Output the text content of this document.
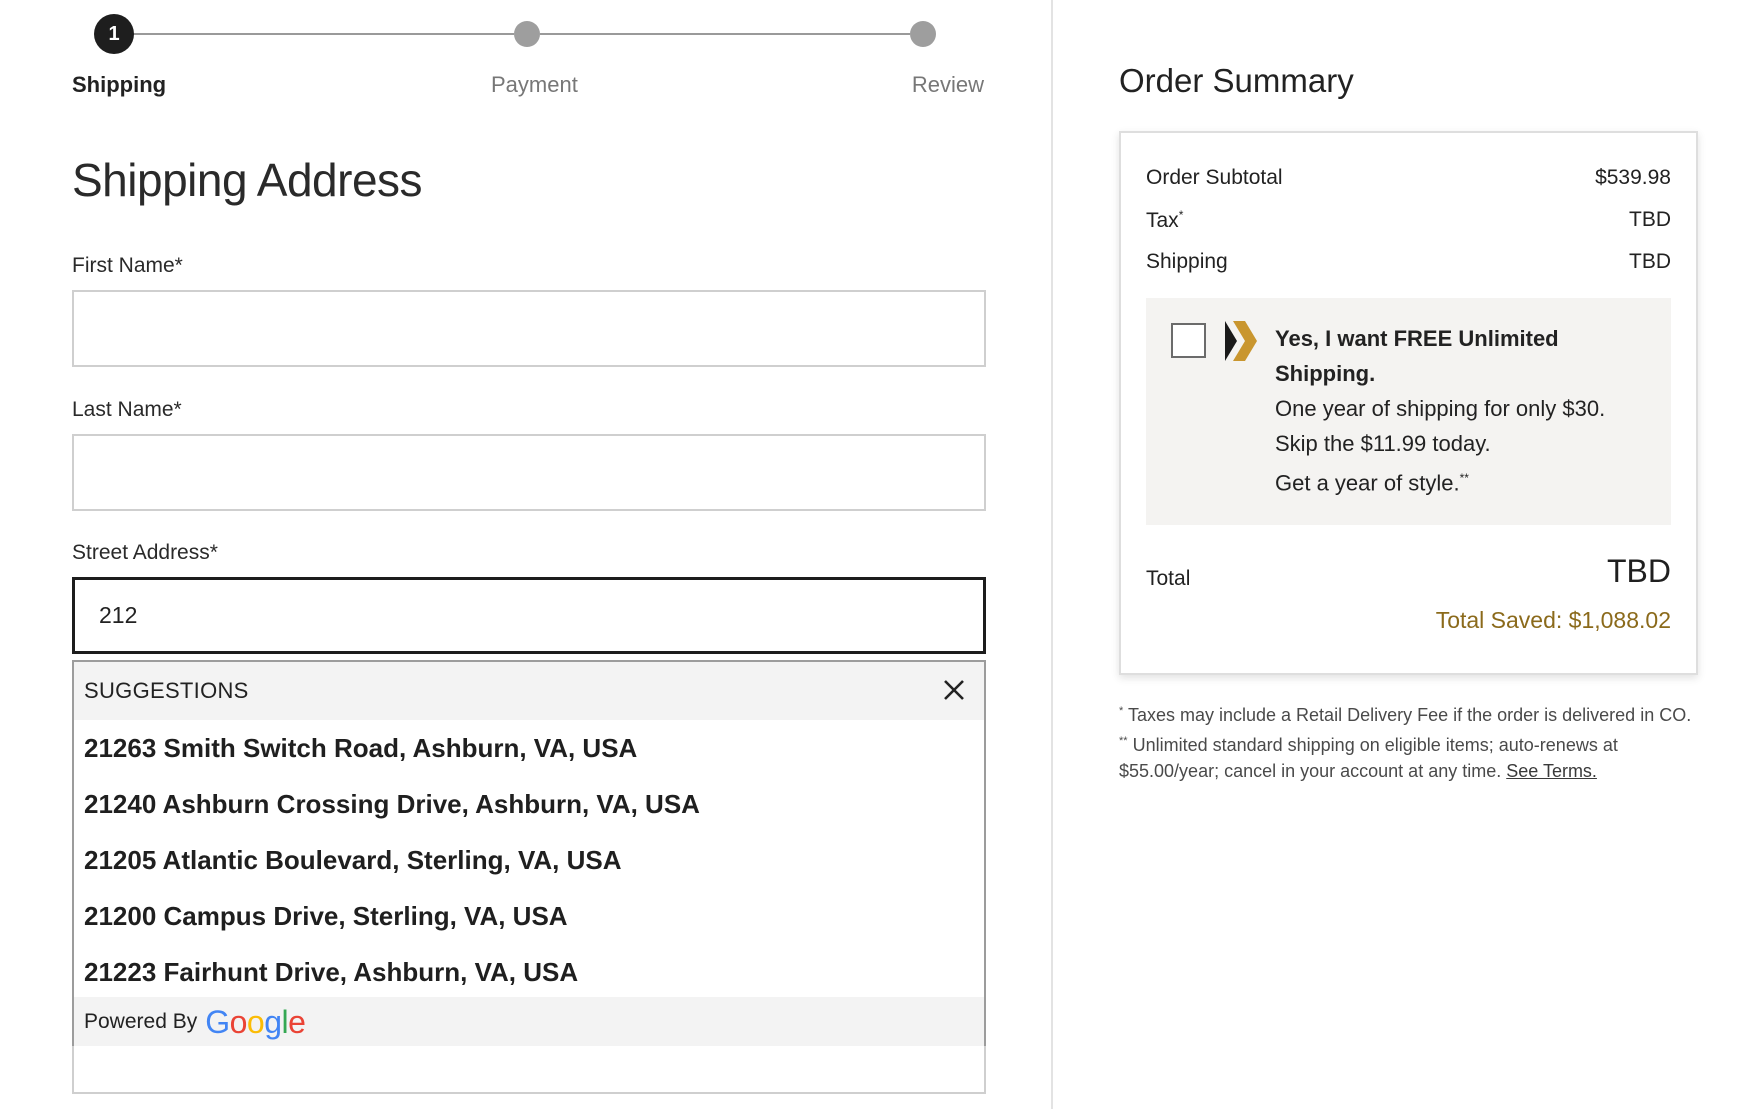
1
Shipping	Payment	Review
Shipping Address
First Name*
Last Name*
Street Address*
212
SUGGESTIONS
21263 Smith Switch Road, Ashburn, VA, USA
21240 Ashburn Crossing Drive, Ashburn, VA, USA
21205 Atlantic Boulevard, Sterling, VA, USA
21200 Campus Drive, Sterling, VA, USA
21223 Fairhunt Drive, Ashburn, VA, USA
Powered By Google
Order Summary
Order Subtotal	$539.98
Tax*	TBD
Shipping	TBD
Yes, I want FREE Unlimited Shipping.
One year of shipping for only $30.
Skip the $11.99 today.
Get a year of style.**
Total	TBD
Total Saved: $1,088.02
* Taxes may include a Retail Delivery Fee if the order is delivered in CO.
** Unlimited standard shipping on eligible items; auto-renews at $55.00/year; cancel in your account at any time. See Terms.
